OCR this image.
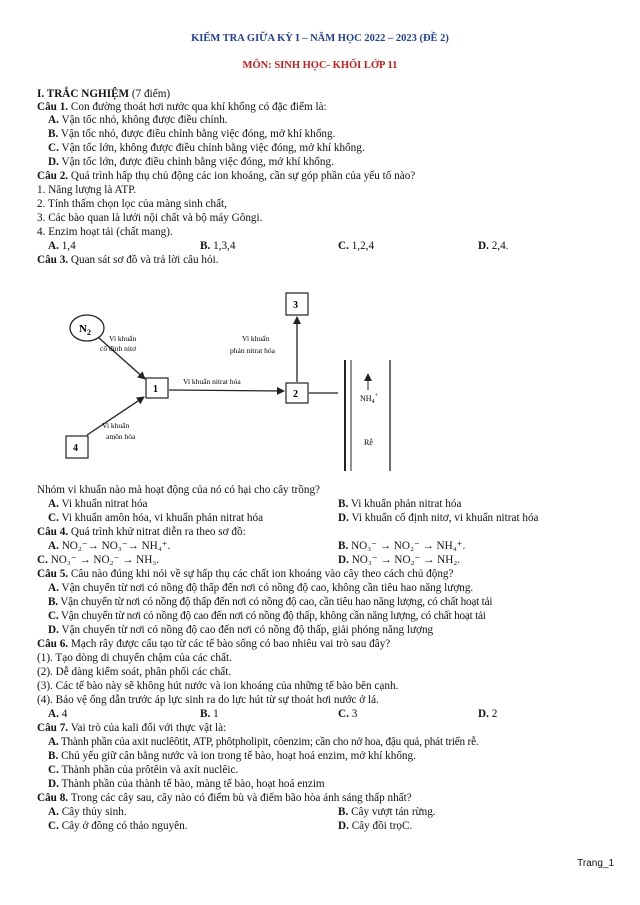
KIỂM TRA GIỮA KỲ I – NĂM HỌC 2022 – 2023 (ĐỀ 2)
MÔN: SINH HỌC- KHỐI LỚP 11
I. TRẮC NGHIỆM (7 điểm)
Câu 1. Con đường thoát hơi nước qua khí khổng có đặc điểm là:
A. Vận tốc nhỏ, không được điều chỉnh.
B. Vận tốc nhỏ, được điều chỉnh bằng việc đóng, mở khí khổng.
C. Vận tốc lớn, không được điều chỉnh bằng việc đóng, mở khí khổng.
D. Vận tốc lớn, được điều chỉnh bằng việc đóng, mở khí khổng.
Câu 2. Quá trình hấp thụ chủ động các ion khoáng, cần sự góp phần của yếu tố nào?
1. Năng lượng là ATP.
2. Tính thấm chọn lọc của màng sinh chất,
3. Các bào quan là lưới nội chất và bộ máy Gôngi.
4. Enzim hoạt tải (chất mang).
A. 1,4	B. 1,3,4	C. 1,2,4	D. 2,4.
Câu 3. Quan sát sơ đồ và trả lời câu hỏi.
$N_2$
3
1	2
4
Vi khuẩn
cố định nitơ
Vi khuẩn
phản nitrat hóa
Vi khuẩn nitrat hóa
Vi khuẩn
amôn hóa
$NH_4^+$
Rễ
Nhóm vi khuẩn nào mà hoạt động của nó có hại cho cây trồng?
A. Vi khuẩn nitrat hóa	B. Vi khuẩn phản nitrat hóa
C. Vi khuẩn amôn hóa, vi khuẩn phản nitrat hóa	D. Vi khuẩn cố định nitơ, vi khuẩn nitrat hóa
Câu 4. Quá trình khử nitrat diễn ra theo sơ đồ:
A. NO₂⁻→ NO₃⁻→ NH₄⁺.	B. NO₃⁻ → NO₂⁻ → NH₄⁺.
C. NO₃⁻ → NO₂⁻ → NH₃.	D. NO₃⁻ → NO₂⁻ → NH₂.
Câu 5. Câu nào đúng khi nói về sự hấp thụ các chất ion khoáng vào cây theo cách chủ động?
A. Vận chuyển từ nơi có nồng độ thấp đến nơi có nồng độ cao, không cần tiêu hao năng lượng.
B. Vận chuyển từ nơi có nồng độ thấp đến nơi có nồng độ cao, cần tiêu hao năng lượng, có chất hoạt tải
C. Vận chuyển từ nơi có nồng độ cao đến nơi có nồng độ thấp, không cần năng lượng, có chất hoạt tải
D. Vận chuyển từ nơi có nồng độ cao đến nơi có nồng độ thấp, giải phóng năng lượng
Câu 6. Mạch rây được cấu tạo từ các tế bào sống có bao nhiêu vai trò sau đây?
(1). Tạo dòng di chuyển chậm của các chất.
(2). Dễ dàng kiểm soát, phân phối các chất.
(3). Các tế bào này sẽ không hút nước và ion khoáng của những tế bào bên cạnh.
(4). Bảo vệ ống dẫn trước áp lực sinh ra do lực hút từ sự thoát hơi nước ở lá.
A. 4	B. 1	C. 3	D. 2
Câu 7. Vai trò của kali đối với thực vật là:
A. Thành phần của axit nuclêôtit, ATP, phôtpholipit, côenzim; cần cho nở hoa, đậu quả, phát triển rễ.
B. Chủ yếu giữ cân bằng nước và ion trong tế bào, hoạt hoá enzim, mở khí khổng.
C. Thành phần của prôtêin và axít nuclêic.
D. Thành phần của thành tế bào, màng tế bào, hoạt hoá enzim
Câu 8. Trong các cây sau, cây nào có điểm bù và điểm bão hòa ánh sáng thấp nhất?
A. Cây thủy sinh.	B. Cây vượt tán rừng.
C. Cây ở đồng có thảo nguyên.	D. Cây đồi trọC.
Trang_1
